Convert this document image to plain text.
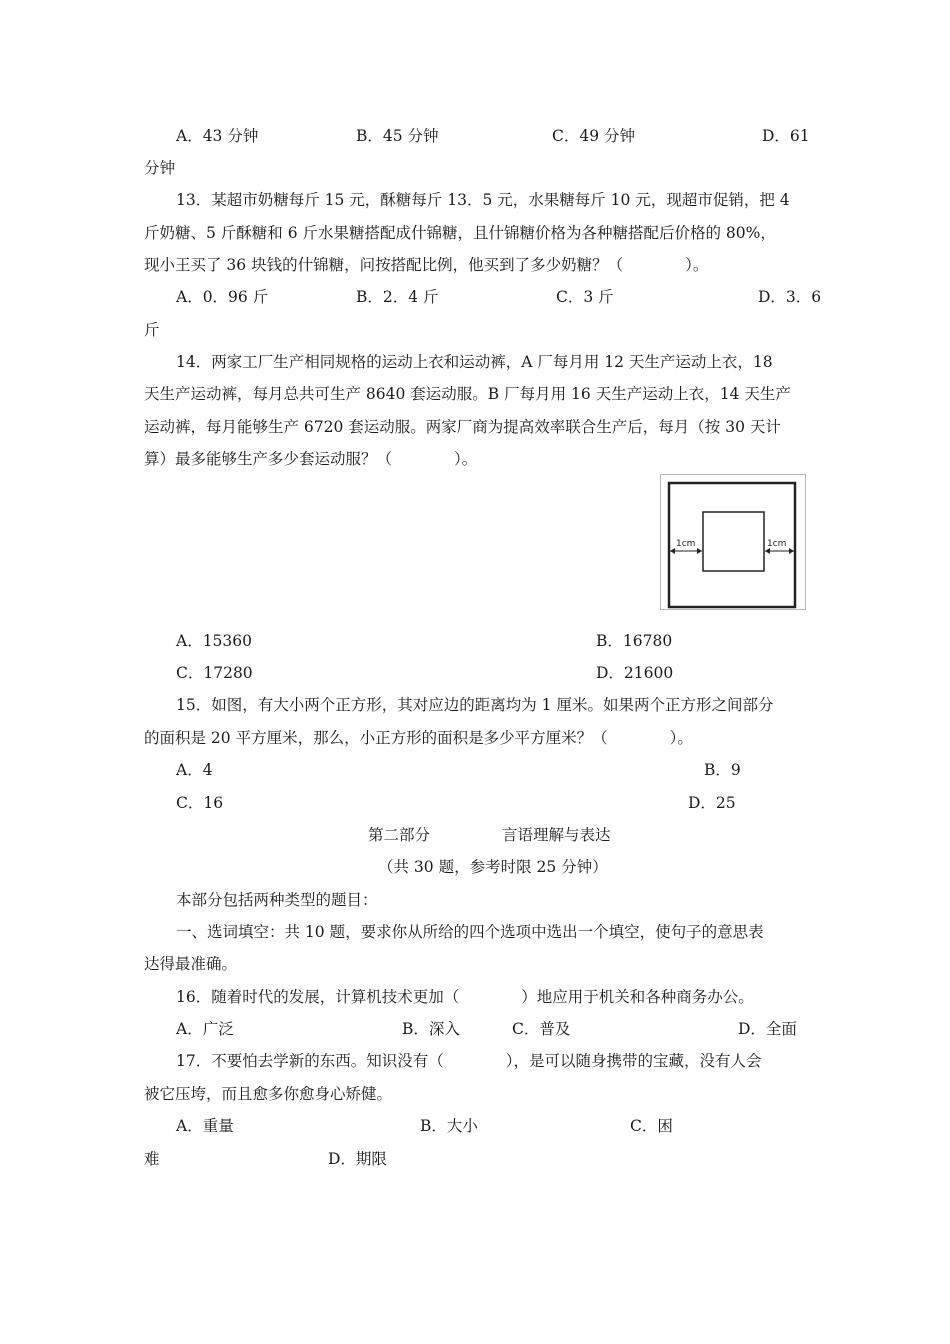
A．43 分钟	B．45 分钟	C．49 分钟	D．61
分钟
13．某超市奶糖每斤 15 元，酥糖每斤 13．5 元，水果糖每斤 10 元，现超市促销，把 4
斤奶糖、5 斤酥糖和 6 斤水果糖搭配成什锦糖，且什锦糖价格为各种糖搭配后价格的 80%，
现小王买了 36 块钱的什锦糖，问按搭配比例，他买到了多少奶糖？（　　　　）。
A．0．96 斤	B．2．4 斤	C．3 斤	D．3．6
斤
14．两家工厂生产相同规格的运动上衣和运动裤，A 厂每月用 12 天生产运动上衣，18
天生产运动裤，每月总共可生产 8640 套运动服。B 厂每月用 16 天生产运动上衣，14 天生产
运动裤，每月能够生产 6720 套运动服。两家厂商为提高效率联合生产后，每月（按 30 天计
算）最多能够生产多少套运动服？（　　　　）。
1cm	1cm
A．15360	B．16780
C．17280	D．21600
15．如图，有大小两个正方形，其对应边的距离均为 1 厘米。如果两个正方形之间部分
的面积是 20 平方厘米，那么，小正方形的面积是多少平方厘米？（　　　　）。
A．4	B．9
C．16	D．25
第二部分	言语理解与表达
（共 30 题，参考时限 25 分钟）
本部分包括两种类型的题目：
一、选词填空：共 10 题，要求你从所给的四个选项中选出一个填空，使句子的意思表
达得最准确。
16．随着时代的发展，计算机技术更加（　　　　）地应用于机关和各种商务办公。
A．广泛	B．深入	C．普及	D．全面
17．不要怕去学新的东西。知识没有（　　　　），是可以随身携带的宝藏，没有人会
被它压垮，而且愈多你愈身心矫健。
A．重量	B．大小	C．困
难	D．期限
